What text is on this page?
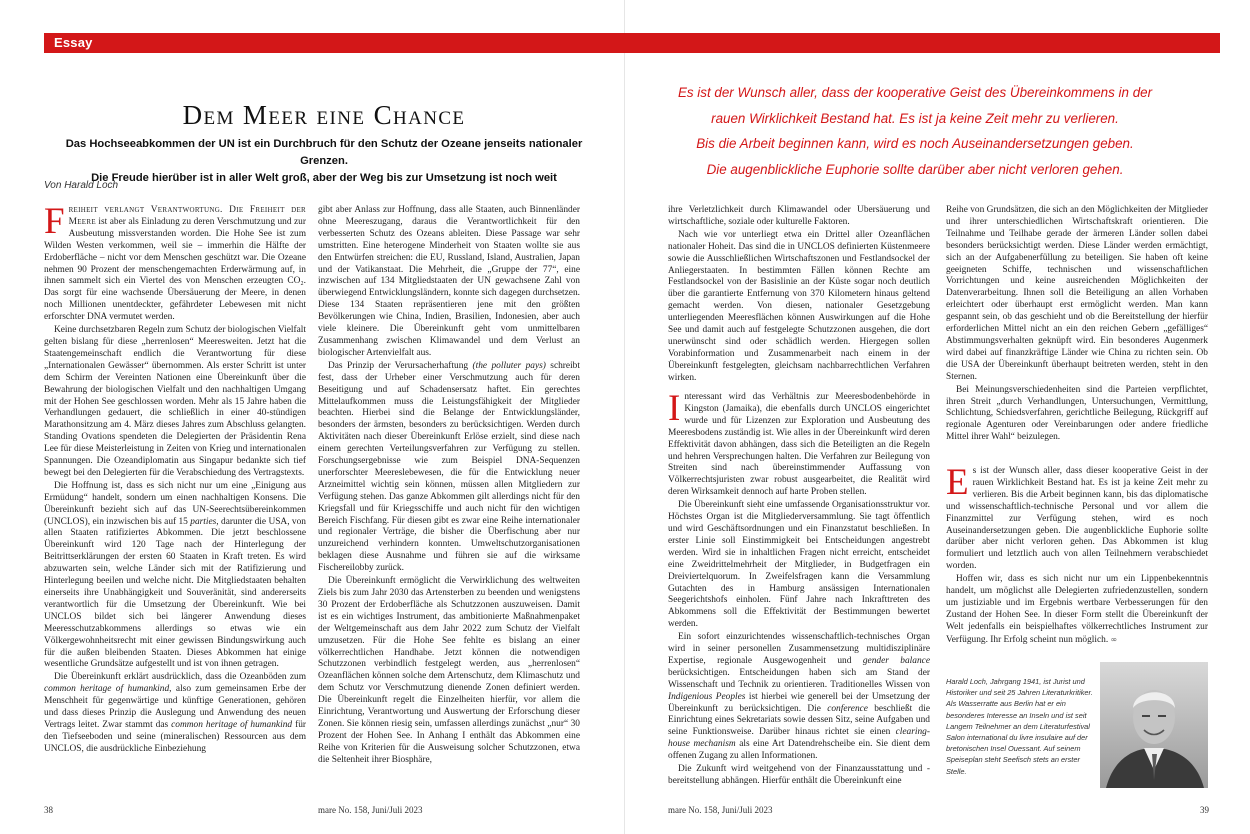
Essay
Dem Meer eine Chance
Das Hochseeabkommen der UN ist ein Durchbruch für den Schutz der Ozeane jenseits nationaler Grenzen.
Die Freude hierüber ist in aller Welt groß, aber der Weg bis zur Umsetzung ist noch weit
Von Harald Loch
Es ist der Wunsch aller, dass der kooperative Geist des Übereinkommens in der
rauen Wirklichkeit Bestand hat. Es ist ja keine Zeit mehr zu verlieren.
Bis die Arbeit beginnen kann, wird es noch Auseinandersetzungen geben.
Die augenblickliche Euphorie sollte darüber aber nicht verloren gehen.

Freiheit verlangt Verantwortung. Die Freiheit der Meere ist aber als Einladung zu deren Verschmutzung und zur Ausbeutung missverstanden worden. Die Hohe See ist zum Wilden Westen verkommen, weil sie – immerhin die Hälfte der Erdoberfläche – nicht vor dem Menschen geschützt war. Die Ozeane nehmen 90 Prozent der menschengemachten Erderwärmung auf, in ihnen sammelt sich ein Viertel des von Menschen erzeugten CO₂. Das sorgt für eine wachsende Übersäuerung der Meere, in denen noch Millionen unentdeckter, gefährdeter Lebewesen mit nicht erforschter DNA vermutet werden.

Keine durchsetzbaren Regeln zum Schutz der biologischen Vielfalt gelten bislang für diese „herrenlosen“ Meeresweiten. Jetzt hat die Staatengemeinschaft endlich die Verantwortung für diese „Internationalen Gewässer“ übernommen. Als erster Schritt ist unter dem Schirm der Vereinten Nationen eine Übereinkunft über die Bewahrung der biologischen Vielfalt und den nachhaltigen Umgang mit der Hohen See geschlossen worden. Mehr als 15 Jahre haben die Verhandlungen gedauert, die schließlich in einer 40-stündigen Marathonsitzung am 4. März dieses Jahres zum Abschluss gelangten. Standing Ovations spendeten die Delegierten der Präsidentin Rena Lee für diese Meisterleistung in Zeiten von Krieg und internationalen Spannungen. Die Ozeandiplomatin aus Singapur bedankte sich tief bewegt bei den Delegierten für die Verabschiedung des Vertragstexts.

Die Hoffnung ist, dass es sich nicht nur um eine „Einigung aus Ermüdung“ handelt, sondern um einen nachhaltigen Konsens. Die Übereinkunft bezieht sich auf das UN-Seerechtsübereinkommen (UNCLOS), ein inzwischen bis auf 15 parties, darunter die USA, von allen Staaten ratifiziertes Abkommen. Die jetzt beschlossene Übereinkunft wird 120 Tage nach der Hinterlegung der Beitrittserklärungen der ersten 60 Staaten in Kraft treten. Es wird abzuwarten sein, welche Länder sich mit der Ratifizierung und Hinterlegung beeilen und welche nicht. Die Mitgliedstaaten behalten einerseits ihre Unabhängigkeit und Souveränität, sind andererseits verantwortlich für die Umsetzung der Übereinkunft. Wie bei UNCLOS bildet sich bei längerer Anwendung dieses Meeresschutzabkommens allerdings so etwas wie ein Völkergewohnheitsrecht mit einer gewissen Bindungswirkung auch für die außen bleibenden Staaten. Dieses Abkommen hat einige wesentliche Grundsätze aufgestellt und ist von ihnen getragen.

Die Übereinkunft erklärt ausdrücklich, dass die Ozeanböden zum common heritage of humankind, also zum gemeinsamen Erbe der Menschheit für gegenwärtige und künftige Generationen, gehören und dass dieses Prinzip die Auslegung und Anwendung des neuen Vertrags leitet. Zwar stammt das common heritage of humankind für den Tiefseeboden und seine (mineralischen) Ressourcen aus dem UNCLOS, die ausdrückliche Einbeziehung

gibt aber Anlass zur Hoffnung, dass alle Staaten, auch Binnenländer ohne Meereszugang, daraus die Verantwortlichkeit für den verbesserten Schutz des Ozeans ableiten. Diese Passage war sehr umstritten. Eine heterogene Minderheit von Staaten wollte sie aus den Entwürfen streichen: die EU, Russland, Island, Australien, Japan und der Vatikanstaat. Die Mehrheit, die „Gruppe der 77“, eine inzwischen auf 134 Mitgliedstaaten der UN gewachsene Zahl von überwiegend Entwicklungsländern, konnte sich dagegen durchsetzen. Diese 134 Staaten repräsentieren jene mit den größten Bevölkerungen wie China, Indien, Brasilien, Indonesien, aber auch viele kleinere. Die Übereinkunft geht vom unmittelbaren Zusammenhang zwischen Klimawandel und dem Verlust an biologischer Artenvielfalt aus.

Das Prinzip der Verursacherhaftung (the polluter pays) schreibt fest, dass der Urheber einer Verschmutzung auch für deren Beseitigung und auf Schadensersatz haftet. Ein gerechtes Mittelaufkommen muss die Leistungsfähigkeit der Mitglieder beachten. Hierbei sind die Belange der Entwicklungsländer, besonders der ärmsten, besonders zu berücksichtigen. Werden durch Aktivitäten nach dieser Übereinkunft Erlöse erzielt, sind diese nach einem gerechten Verteilungsverfahren zur Verfügung zu stellen. Forschungsergebnisse wie zum Beispiel DNA-Sequenzen unerforschter Meereslebewesen, die für die Entwicklung neuer Arzneimittel wichtig sein können, müssen allen Mitgliedern zur Verfügung stehen. Das ganze Abkommen gilt allerdings nicht für den Kriegsfall und für Kriegsschiffe und auch nicht für den wichtigen Bereich Fischfang. Für diesen gibt es zwar eine Reihe internationaler und regionaler Verträge, die bisher die Überfischung aber nur unzureichend verhindern konnten. Umweltschutzorganisationen beklagen diese Ausnahme und führen sie auf die wirksame Fischereilobby zurück.

Die Übereinkunft ermöglicht die Verwirklichung des weltweiten Ziels bis zum Jahr 2030 das Artensterben zu beenden und wenigstens 30 Prozent der Erdoberfläche als Schutzzonen auszuweisen. Damit ist es ein wichtiges Instrument, das ambitionierte Maßnahmenpaket der Weltgemeinschaft aus dem Jahr 2022 zum Schutz der Vielfalt umzusetzen. Für die Hohe See fehlte es bislang an einer völkerrechtlichen Handhabe. Jetzt können die notwendigen Schutzzonen verbindlich festgelegt werden, aus „herrenlosen“ Ozeanflächen können solche dem Artenschutz, dem Klimaschutz und dem Schutz vor Verschmutzung dienende Zonen definiert werden. Die Übereinkunft regelt die Einzelheiten hierfür, vor allem die Einrichtung, Verantwortung und Auswertung der Erforschung dieser Zonen. Sie können riesig sein, umfassen allerdings zunächst „nur“ 30 Prozent der Hohen See. In Anhang I enthält das Abkommen eine Reihe von Kriterien für die Ausweisung solcher Schutzzonen, etwa die Seltenheit ihrer Biosphäre,

ihre Verletzlichkeit durch Klimawandel oder Übersäuerung und wirtschaftliche, soziale oder kulturelle Faktoren.

Nach wie vor unterliegt etwa ein Drittel aller Ozeanflächen nationaler Hoheit. Das sind die in UNCLOS definierten Küstenmeere sowie die Ausschließlichen Wirtschaftszonen und Festlandsockel der Anliegerstaaten. In bestimmten Fällen können Rechte am Festlandsockel von der Basislinie an der Küste sogar noch deutlich über die garantierte Entfernung von 370 Kilometern hinaus geltend gemacht werden. Von diesen, nationaler Gesetzgebung unterliegenden Meeresflächen können Auswirkungen auf die Hohe See und damit auch auf festgelegte Schutzzonen ausgehen, die dort unerwünscht sind oder schädlich werden. Hiergegen sollen Vorabinformation und Zusammenarbeit nach einem in der Übereinkunft festgelegten, gleichsam nachbarrechtlichen Verfahren wirken.

Interessant wird das Verhältnis zur Meeresbodenbehörde in Kingston (Jamaika), die ebenfalls durch UNCLOS eingerichtet wurde und für Lizenzen zur Exploration und Ausbeutung des Meeresbodens zuständig ist. Wie alles in der Übereinkunft wird deren Effektivität davon abhängen, dass sich die Beteiligten an die Regeln und hehren Versprechungen halten. Die Verfahren zur Beilegung von Streiten sind nach übereinstimmender Auffassung von Völkerrechtsjuristen zwar robust ausgearbeitet, die Realität wird deren Wirksamkeit dennoch auf harte Proben stellen.

Die Übereinkunft sieht eine umfassende Organisationsstruktur vor. Höchstes Organ ist die Mitgliederversammlung. Sie tagt öffentlich und wird Geschäftsordnungen und ein Finanzstatut beschließen. In erster Linie soll Einstimmigkeit bei Entscheidungen angestrebt werden. Wird sie in inhaltlichen Fragen nicht erreicht, entscheidet eine Zweidrittelmehrheit der Mitglieder, in Budgetfragen ein Dreiviertelquorum. In Zweifelsfragen kann die Versammlung Gutachten des in Hamburg ansässigen Internationalen Seegerichtshofs einholen. Fünf Jahre nach Inkrafttreten des Abkommens soll die Effektivität der Bestimmungen bewertet werden.

Ein sofort einzurichtendes wissenschaftlich-technisches Organ wird in seiner personellen Zusammensetzung multidisziplinäre Expertise, regionale Ausgewogenheit und gender balance berücksichtigen. Entscheidungen haben sich am Stand der Wissenschaft und Technik zu orientieren. Traditionelles Wissen von Indigenious Peoples ist hierbei wie generell bei der Umsetzung der Übereinkunft zu berücksichtigen. Die conference beschließt die Einrichtung eines Sekretariats sowie dessen Sitz, seine Aufgaben und seine Funktionsweise. Darüber hinaus richtet sie einen clearing-house mechanism als eine Art Datendrehscheibe ein. Sie dient dem offenen Zugang zu allen Informationen.

Die Zukunft wird weitgehend von der Finanzausstattung und -bereitstellung abhängen. Hierfür enthält die Übereinkunft eine

Reihe von Grundsätzen, die sich an den Möglichkeiten der Mitglieder und ihrer unterschiedlichen Wirtschaftskraft orientieren. Die Teilnahme und Teilhabe gerade der ärmeren Länder sollen dabei besonders berücksichtigt werden. Diese Länder werden ermächtigt, sich an der Aufgabenerfüllung zu beteiligen. Sie haben oft keine geeigneten Schiffe, technischen und wissenschaftlichen Vorrichtungen und keine ausreichenden Möglichkeiten der Datenverarbeitung. Ihnen soll die Beteiligung an allen Vorhaben erleichtert oder überhaupt erst ermöglicht werden. Man kann gespannt sein, ob das geschieht und ob die Bereitstellung der hierfür erforderlichen Mittel nicht an ein den reichen Gebern „gefälliges“ Abstimmungsverhalten geknüpft wird. Ein besonderes Augenmerk wird dabei auf finanzkräftige Länder wie China zu richten sein. Ob die USA der Übereinkunft überhaupt beitreten werden, steht in den Sternen.

Bei Meinungsverschiedenheiten sind die Parteien verpflichtet, ihren Streit „durch Verhandlungen, Untersuchungen, Vermittlung, Schlichtung, Schiedsverfahren, gerichtliche Beilegung, Rückgriff auf regionale Agenturen oder Vereinbarungen oder andere friedliche Mittel ihrer Wahl“ beizulegen.

Es ist der Wunsch aller, dass dieser kooperative Geist in der rauen Wirklichkeit Bestand hat. Es ist ja keine Zeit mehr zu verlieren. Bis die Arbeit beginnen kann, bis das diplomatische und wissenschaftlich-technische Personal und vor allem die Finanzmittel zur Verfügung stehen, wird es noch Auseinandersetzungen geben. Die augenblickliche Euphorie sollte darüber aber nicht verloren gehen. Das Abkommen ist klug formuliert und letztlich auch von allen Teilnehmern verabschiedet worden.

Hoffen wir, dass es sich nicht nur um ein Lippenbekenntnis handelt, um möglichst alle Delegierten zufriedenzustellen, sondern um justiziable und im Ergebnis wertbare Verbesserungen für den Zustand der Hohen See. In dieser Form stellt die Übereinkunft der Welt jedenfalls ein beispielhaftes völkerrechtliches Instrument zur Verfügung. Ihr Erfolg scheint nun möglich. ∞

Harald Loch, Jahrgang 1941, ist Jurist und Historiker und seit 25 Jahren Literaturkritiker. Als Wasserratte aus Berlin hat er ein besonderes Interesse an Inseln und ist seit Langem Teilnehmer an dem Literaturfestival Salon international du livre insulaire auf der bretonischen Insel Ouessant. Auf seinem Speiseplan steht Seefisch stets an erster Stelle.
38	mare No. 158, Juni/Juli 2023	mare No. 158, Juni/Juli 2023	39
